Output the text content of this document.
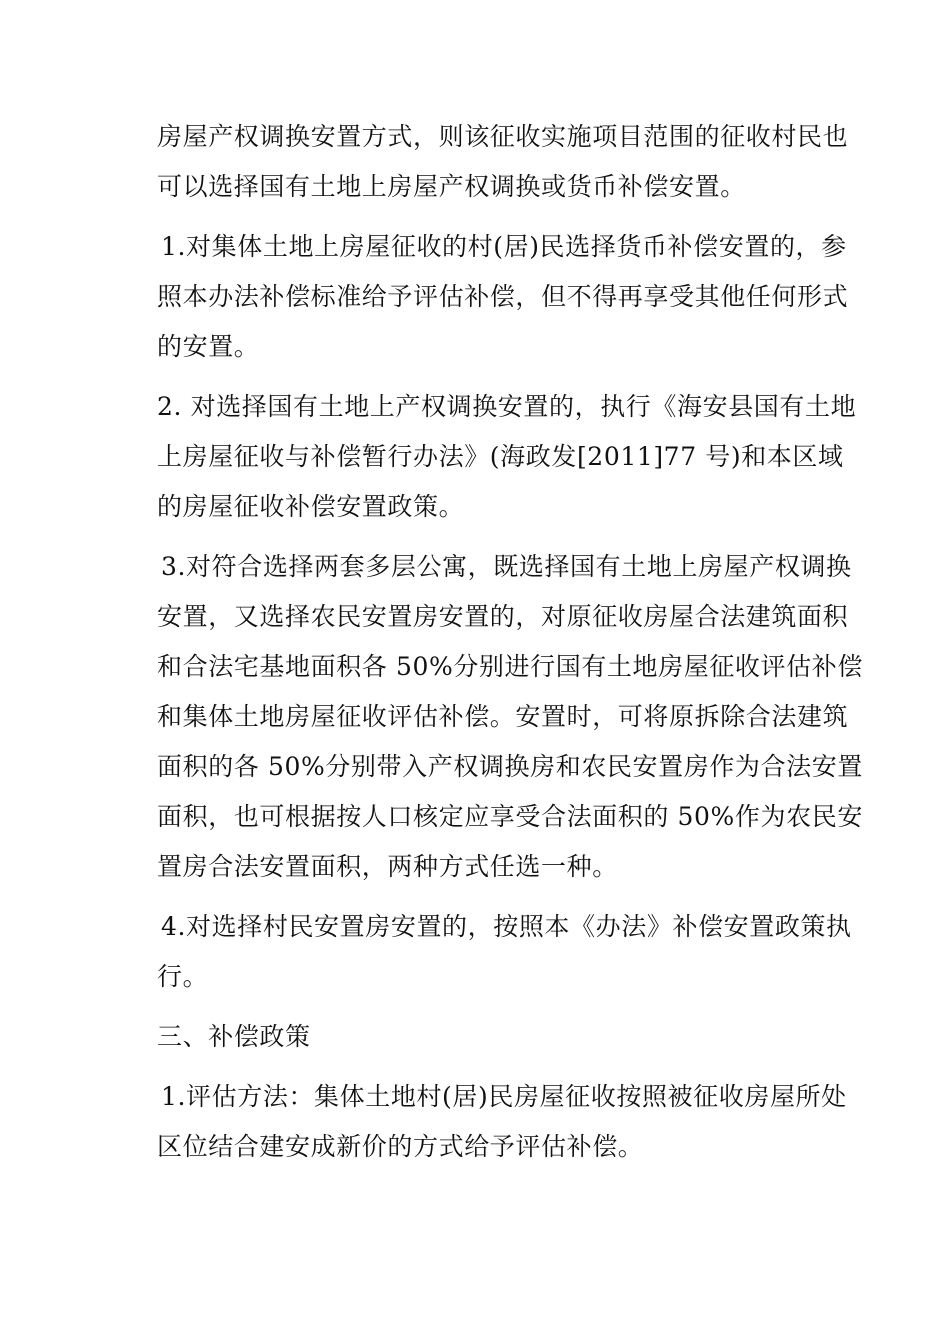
房屋产权调换安置方式，则该征收实施项目范围的征收村民也
可以选择国有土地上房屋产权调换或货币补偿安置。

1.对集体土地上房屋征收的村(居)民选择货币补偿安置的，参
照本办法补偿标准给予评估补偿，但不得再享受其他任何形式
的安置。

2. 对选择国有土地上产权调换安置的，执行《海安县国有土地
上房屋征收与补偿暂行办法》(海政发[2011]77 号)和本区域
的房屋征收补偿安置政策。

3.对符合选择两套多层公寓，既选择国有土地上房屋产权调换
安置，又选择农民安置房安置的，对原征收房屋合法建筑面积
和合法宅基地面积各 50%分别进行国有土地房屋征收评估补偿
和集体土地房屋征收评估补偿。安置时，可将原拆除合法建筑
面积的各 50%分别带入产权调换房和农民安置房作为合法安置
面积，也可根据按人口核定应享受合法面积的 50%作为农民安
置房合法安置面积，两种方式任选一种。

4.对选择村民安置房安置的，按照本《办法》补偿安置政策执
行。

三、补偿政策

1.评估方法：集体土地村(居)民房屋征收按照被征收房屋所处
区位结合建安成新价的方式给予评估补偿。
